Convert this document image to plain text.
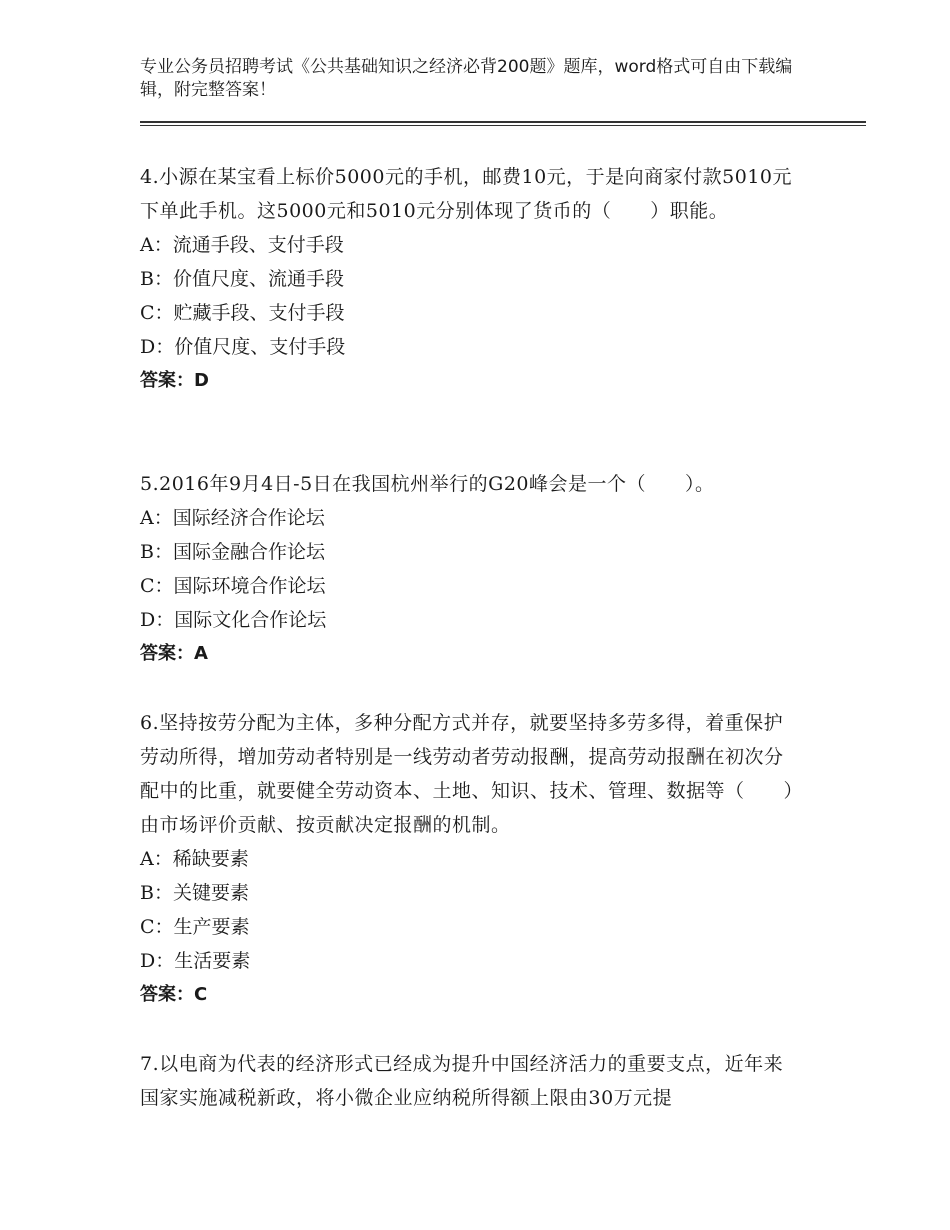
专业公务员招聘考试《公共基础知识之经济必背200题》题库，word格式可自由下载编辑，附完整答案！
4.小源在某宝看上标价5000元的手机，邮费10元，于是向商家付款5010元下单此手机。这5000元和5010元分别体现了货币的（　　）职能。
A：流通手段、支付手段
B：价值尺度、流通手段
C：贮藏手段、支付手段
D：价值尺度、支付手段
答案：D
5.2016年9月4日-5日在我国杭州举行的G20峰会是一个（　　）。
A：国际经济合作论坛
B：国际金融合作论坛
C：国际环境合作论坛
D：国际文化合作论坛
答案：A
6.坚持按劳分配为主体，多种分配方式并存，就要坚持多劳多得，着重保护劳动所得，增加劳动者特别是一线劳动者劳动报酬，提高劳动报酬在初次分配中的比重，就要健全劳动资本、土地、知识、技术、管理、数据等（　　）由市场评价贡献、按贡献决定报酬的机制。
A：稀缺要素
B：关键要素
C：生产要素
D：生活要素
答案：C
7.以电商为代表的经济形式已经成为提升中国经济活力的重要支点，近年来国家实施减税新政，将小微企业应纳税所得额上限由30万元提
